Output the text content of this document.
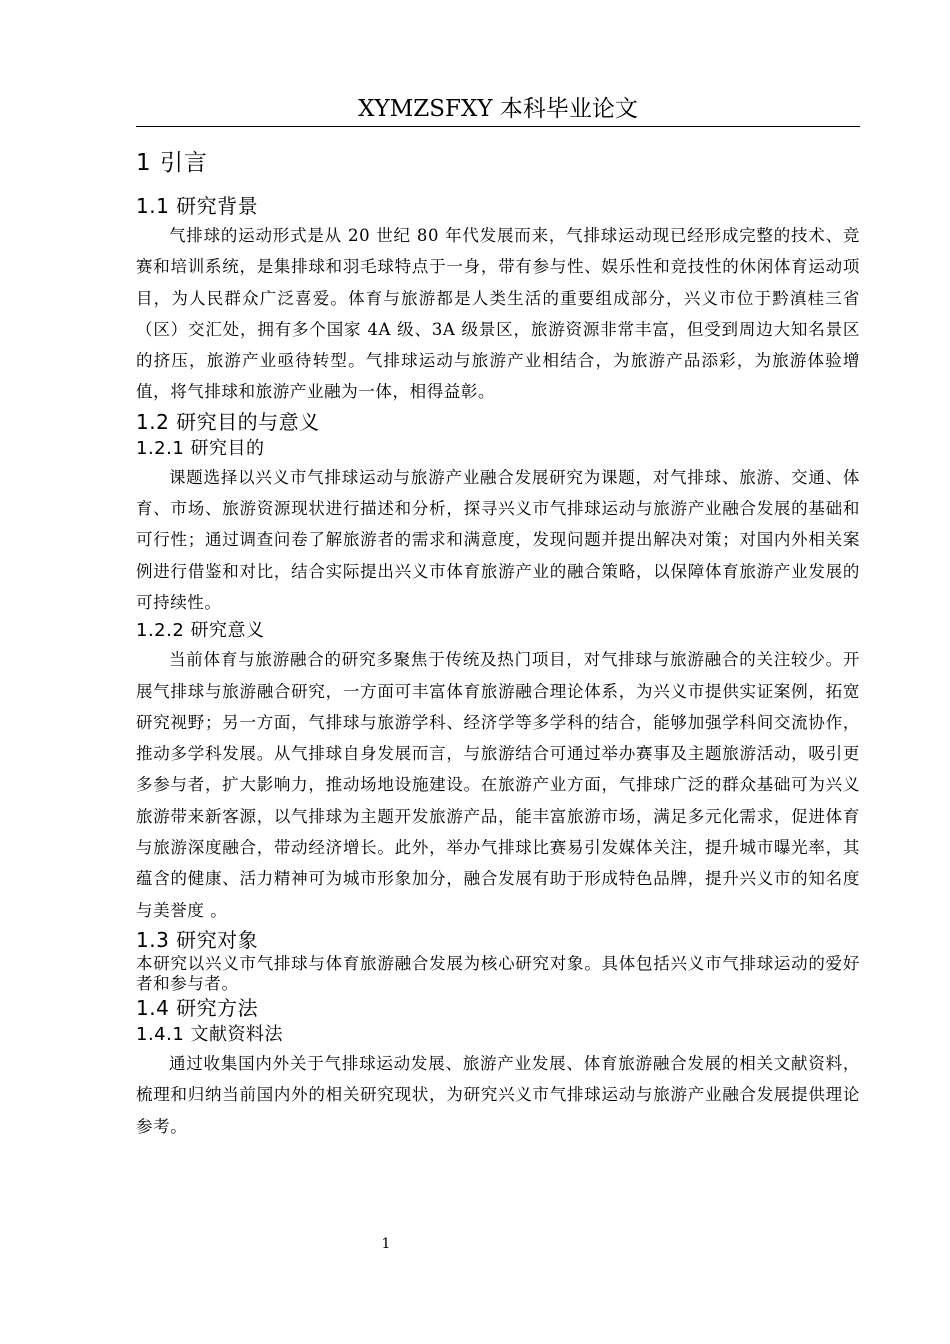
XYMZSFXY 本科毕业论文
1 引言
1.1 研究背景

气排球的运动形式是从 20 世纪 80 年代发展而来，气排球运动现已经形成完整的技术、竞赛和培训系统，是集排球和羽毛球特点于一身，带有参与性、娱乐性和竞技性的休闲体育运动项目，为人民群众广泛喜爱。体育与旅游都是人类生活的重要组成部分，兴义市位于黔滇桂三省（区）交汇处，拥有多个国家 4A 级、3A 级景区，旅游资源非常丰富，但受到周边大知名景区的挤压，旅游产业亟待转型。气排球运动与旅游产业相结合，为旅游产品添彩，为旅游体验增值，将气排球和旅游产业融为一体，相得益彰。

1.2 研究目的与意义
1.2.1 研究目的

课题选择以兴义市气排球运动与旅游产业融合发展研究为课题，对气排球、旅游、交通、体育、市场、旅游资源现状进行描述和分析，探寻兴义市气排球运动与旅游产业融合发展的基础和可行性；通过调查问卷了解旅游者的需求和满意度，发现问题并提出解决对策；对国内外相关案例进行借鉴和对比，结合实际提出兴义市体育旅游产业的融合策略，以保障体育旅游产业发展的可持续性。

1.2.2 研究意义

当前体育与旅游融合的研究多聚焦于传统及热门项目，对气排球与旅游融合的关注较少。开展气排球与旅游融合研究，一方面可丰富体育旅游融合理论体系，为兴义市提供实证案例，拓宽研究视野；另一方面，气排球与旅游学科、经济学等多学科的结合，能够加强学科间交流协作，推动多学科发展。从气排球自身发展而言，与旅游结合可通过举办赛事及主题旅游活动，吸引更多参与者，扩大影响力，推动场地设施建设。在旅游产业方面，气排球广泛的群众基础可为兴义旅游带来新客源，以气排球为主题开发旅游产品，能丰富旅游市场，满足多元化需求，促进体育与旅游深度融合，带动经济增长。此外，举办气排球比赛易引发媒体关注，提升城市曝光率，其蕴含的健康、活力精神可为城市形象加分，融合发展有助于形成特色品牌，提升兴义市的知名度与美誉度 。

1.3 研究对象

本研究以兴义市气排球与体育旅游融合发展为核心研究对象。具体包括兴义市气排球运动的爱好者和参与者。

1.4 研究方法
1.4.1 文献资料法

通过收集国内外关于气排球运动发展、旅游产业发展、体育旅游融合发展的相关文献资料，梳理和归纳当前国内外的相关研究现状，为研究兴义市气排球运动与旅游产业融合发展提供理论参考。

1
